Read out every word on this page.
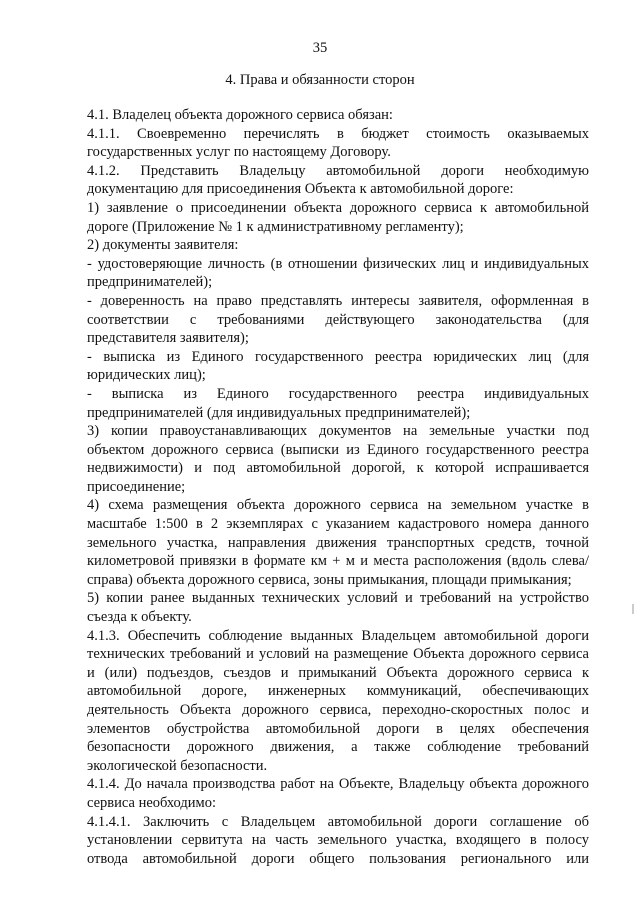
35
4. Права и обязанности сторон

4.1. Владелец объекта дорожного сервиса обязан:

4.1.1. Своевременно перечислять в бюджет стоимость оказываемых государственных услуг по настоящему Договору.

4.1.2. Представить Владельцу автомобильной дороги необходимую документацию для присоединения Объекта к автомобильной дороге:

1) заявление о присоединении объекта дорожного сервиса к автомобильной дороге (Приложение № 1 к административному регламенту);

2) документы заявителя:

- удостоверяющие личность (в отношении физических лиц и индивидуальных предпринимателей);

- доверенность на право представлять интересы заявителя, оформленная в соответствии с требованиями действующего законодательства (для представителя заявителя);

- выписка из Единого государственного реестра юридических лиц (для юридических лиц);

- выписка из Единого государственного реестра индивидуальных предпринимателей (для индивидуальных предпринимателей);

3) копии правоустанавливающих документов на земельные участки под объектом дорожного сервиса (выписки из Единого государственного реестра недвижимости) и под автомобильной дорогой, к которой испрашивается присоединение;

4) схема размещения объекта дорожного сервиса на земельном участке в масштабе 1:500 в 2 экземплярах с указанием кадастрового номера данного земельного участка, направления движения транспортных средств, точной километровой привязки в формате км + м и места расположения (вдоль слева/справа) объекта дорожного сервиса, зоны примыкания, площади примыкания;

5) копии ранее выданных технических условий и требований на устройство съезда к объекту.

4.1.3. Обеспечить соблюдение выданных Владельцем автомобильной дороги технических требований и условий на размещение Объекта дорожного сервиса и (или) подъездов, съездов и примыканий Объекта дорожного сервиса к автомобильной дороге, инженерных коммуникаций, обеспечивающих деятельность Объекта дорожного сервиса, переходно-скоростных полос и элементов обустройства автомобильной дороги в целях обеспечения безопасности дорожного движения, а также соблюдение требований экологической безопасности.

4.1.4. До начала производства работ на Объекте, Владельцу объекта дорожного сервиса необходимо:

4.1.4.1. Заключить с Владельцем автомобильной дороги соглашение об установлении сервитута на часть земельного участка, входящего в полосу отвода автомобильной дороги общего пользования регионального или
